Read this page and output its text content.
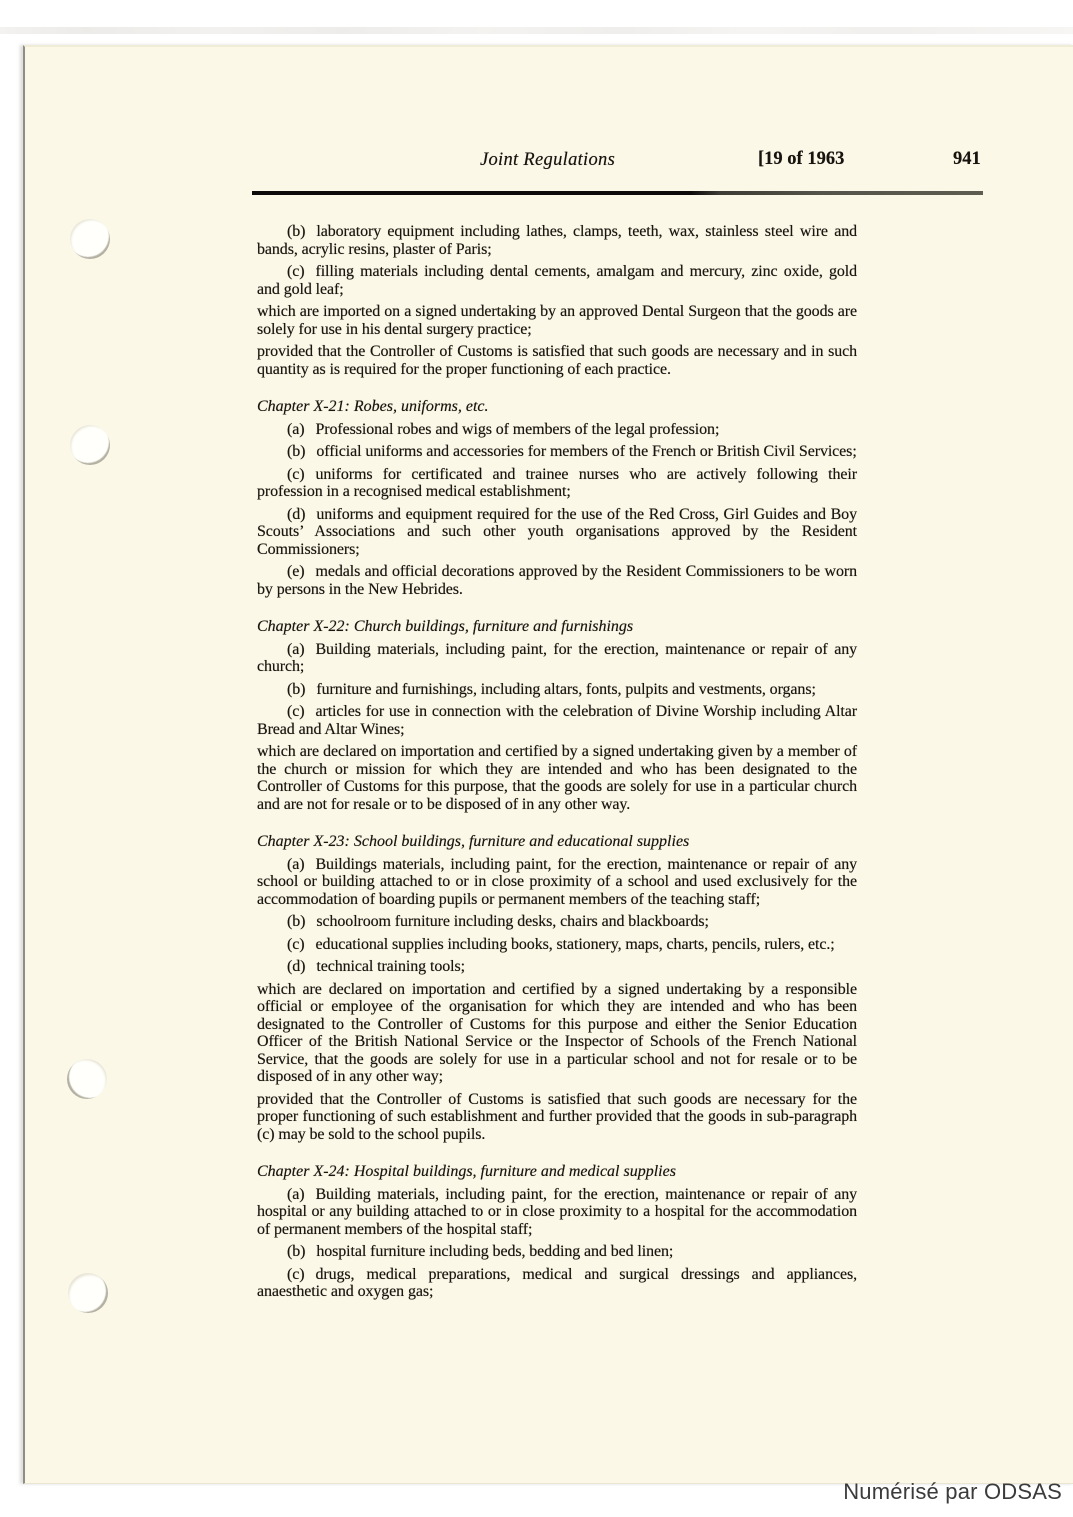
Joint Regulations	[19 of 1963	941

(b) laboratory equipment including lathes, clamps, teeth, wax, stainless steel wire and bands, acrylic resins, plaster of Paris;

(c) filling materials including dental cements, amalgam and mercury, zinc oxide, gold and gold leaf;

which are imported on a signed undertaking by an approved Dental Surgeon that the goods are solely for use in his dental surgery practice;

provided that the Controller of Customs is satisfied that such goods are necessary and in such quantity as is required for the proper functioning of each practice.

Chapter X-21: Robes, uniforms, etc.

(a) Professional robes and wigs of members of the legal profession;

(b) official uniforms and accessories for members of the French or British Civil Services;

(c) uniforms for certificated and trainee nurses who are actively following their profession in a recognised medical establishment;

(d) uniforms and equipment required for the use of the Red Cross, Girl Guides and Boy Scouts’ Associations and such other youth organisations approved by the Resident Commissioners;

(e) medals and official decorations approved by the Resident Commissioners to be worn by persons in the New Hebrides.

Chapter X-22: Church buildings, furniture and furnishings

(a) Building materials, including paint, for the erection, maintenance or repair of any church;

(b) furniture and furnishings, including altars, fonts, pulpits and vestments, organs;

(c) articles for use in connection with the celebration of Divine Worship including Altar Bread and Altar Wines;

which are declared on importation and certified by a signed undertaking given by a member of the church or mission for which they are intended and who has been designated to the Controller of Customs for this purpose, that the goods are solely for use in a particular church and are not for resale or to be disposed of in any other way.

Chapter X-23: School buildings, furniture and educational supplies

(a) Buildings materials, including paint, for the erection, maintenance or repair of any school or building attached to or in close proximity of a school and used exclusively for the accommodation of boarding pupils or permanent members of the teaching staff;

(b) schoolroom furniture including desks, chairs and blackboards;

(c) educational supplies including books, stationery, maps, charts, pencils, rulers, etc.;

(d) technical training tools;

which are declared on importation and certified by a signed undertaking by a responsible official or employee of the organisation for which they are intended and who has been designated to the Controller of Customs for this purpose and either the Senior Education Officer of the British National Service or the Inspector of Schools of the French National Service, that the goods are solely for use in a particular school and not for resale or to be disposed of in any other way;

provided that the Controller of Customs is satisfied that such goods are necessary for the proper functioning of such establishment and further provided that the goods in sub-paragraph (c) may be sold to the school pupils.

Chapter X-24: Hospital buildings, furniture and medical supplies

(a) Building materials, including paint, for the erection, maintenance or repair of any hospital or any building attached to or in close proximity to a hospital for the accommodation of permanent members of the hospital staff;

(b) hospital furniture including beds, bedding and bed linen;

(c) drugs, medical preparations, medical and surgical dressings and appliances, anaesthetic and oxygen gas;

Numérisé par ODSAS
